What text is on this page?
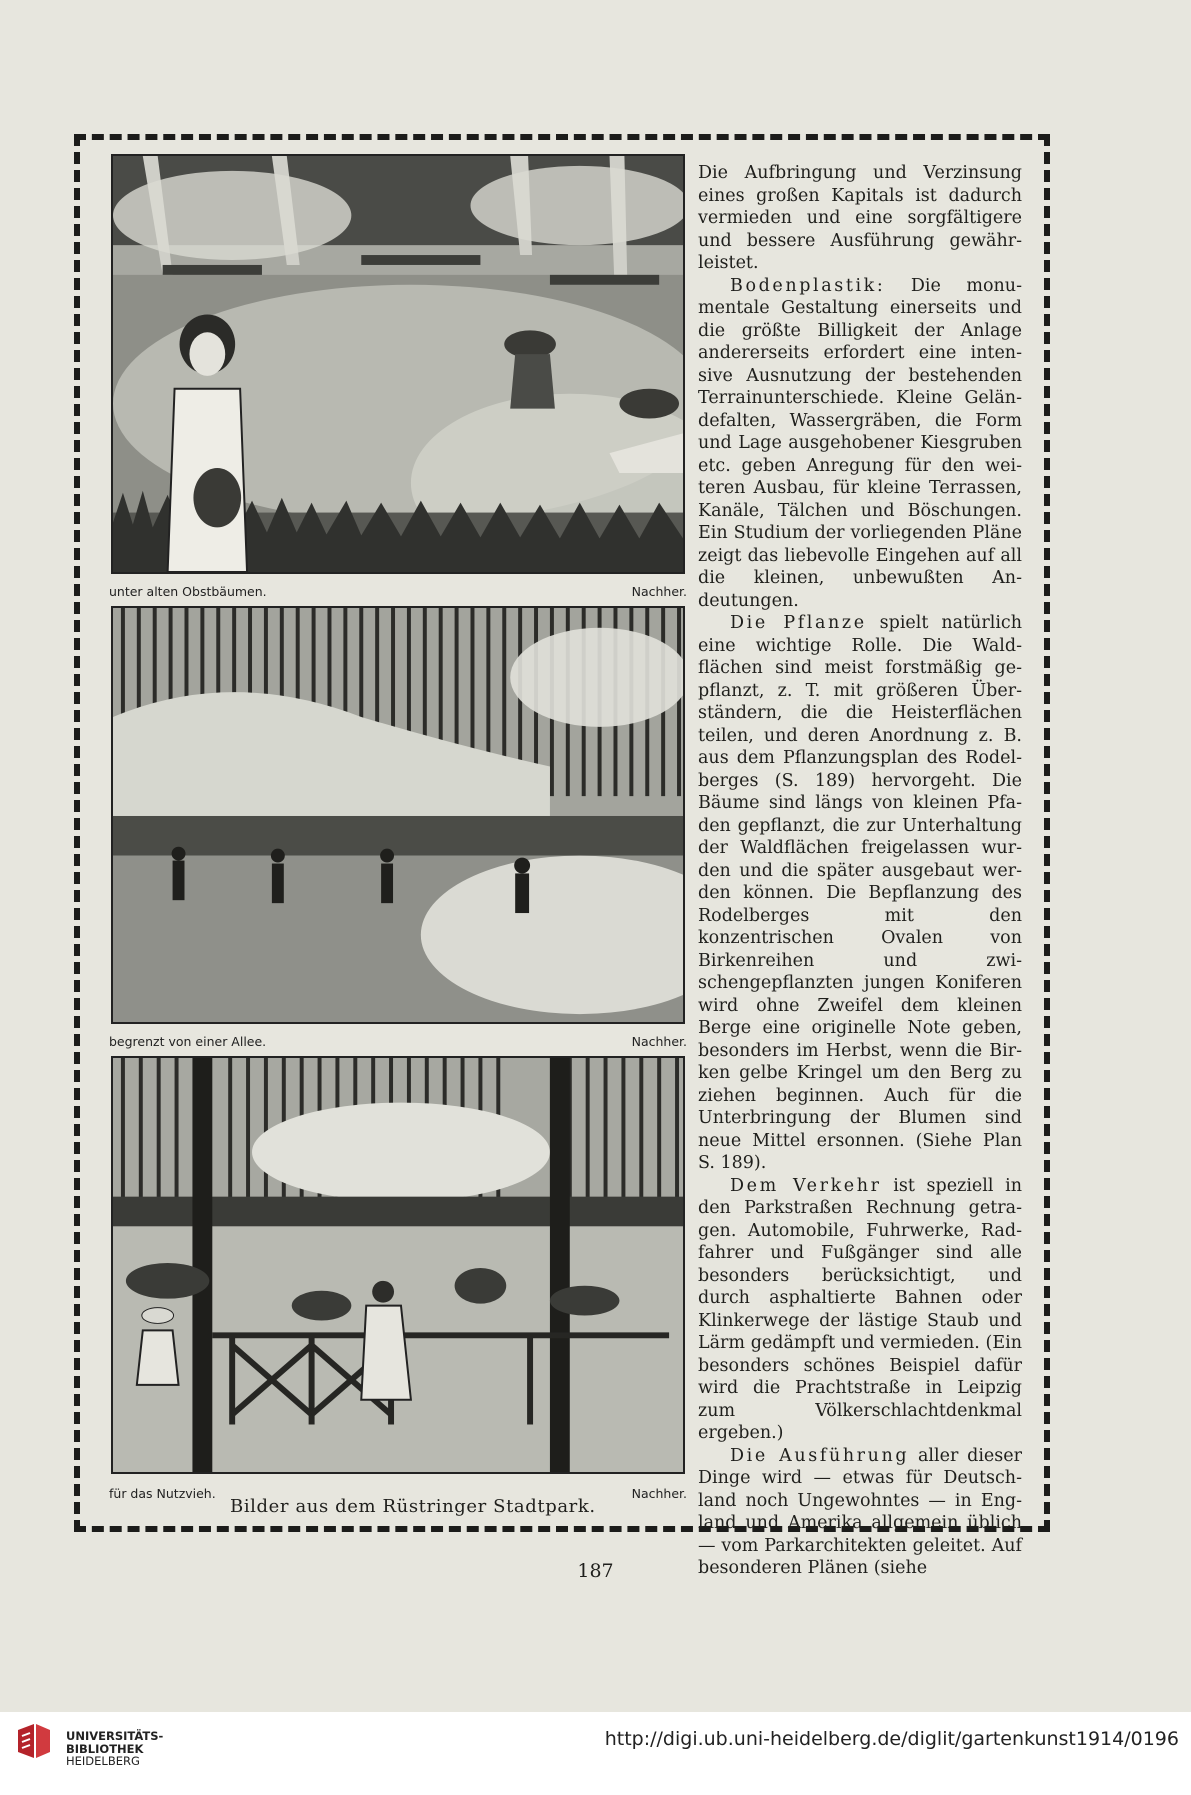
unter alten Obstbäumen.	Nachher.
begrenzt von einer Allee.	Nachher.
für das Nutzvieh.	Nachher.
Bilder aus dem Rüstringer Stadtpark.

Die Aufbringung und Verzinsung eines großen Kapitals ist dadurch vermieden und eine sorgfältigere und bessere Ausführung gewährleistet.

Bodenplastik: Die monumentale Gestaltung einerseits und die größte Billigkeit der Anlage andererseits erfordert eine intensive Ausnutzung der bestehenden Terrainunterschiede. Kleine Geländefalten, Wassergräben, die Form und Lage ausgehobener Kiesgruben etc. geben Anregung für den weiteren Ausbau, für kleine Terrassen, Kanäle, Tälchen und Böschungen. Ein Studium der vorliegenden Pläne zeigt das liebevolle Eingehen auf all die kleinen, unbewußten Andeutungen.

Die Pflanze spielt natürlich eine wichtige Rolle. Die Waldflächen sind meist forstmäßig gepflanzt, z. T. mit größeren Überständern, die die Heisterflächen teilen, und deren Anordnung z. B. aus dem Pflanzungsplan des Rodelberges (S. 189) hervorgeht. Die Bäume sind längs von kleinen Pfaden gepflanzt, die zur Unterhaltung der Waldflächen freigelassen wurden und die später ausgebaut werden können. Die Bepflanzung des Rodelberges mit den konzentrischen Ovalen von Birkenreihen und zwischengepflanzten jungen Koniferen wird ohne Zweifel dem kleinen Berge eine originelle Note geben, besonders im Herbst, wenn die Birken gelbe Kringel um den Berg zu ziehen beginnen. Auch für die Unterbringung der Blumen sind neue Mittel ersonnen. (Siehe Plan S. 189).

Dem Verkehr ist speziell in den Parkstraßen Rechnung getragen. Automobile, Fuhrwerke, Radfahrer und Fußgänger sind alle besonders berücksichtigt, und durch asphaltierte Bahnen oder Klinkerwege der lästige Staub und Lärm gedämpft und vermieden. (Ein besonders schönes Beispiel dafür wird die Prachtstraße in Leipzig zum Völkerschlachtdenkmal ergeben.)

Die Ausführung aller dieser Dinge wird — etwas für Deutschland noch Ungewohntes — in England und Amerika allgemein üblich — vom Parkarchitekten geleitet. Auf besonderen Plänen (siehe

187
UNIVERSITÄTS-
BIBLIOTHEK
HEIDELBERG
http://digi.ub.uni-heidelberg.de/diglit/gartenkunst1914/0196
